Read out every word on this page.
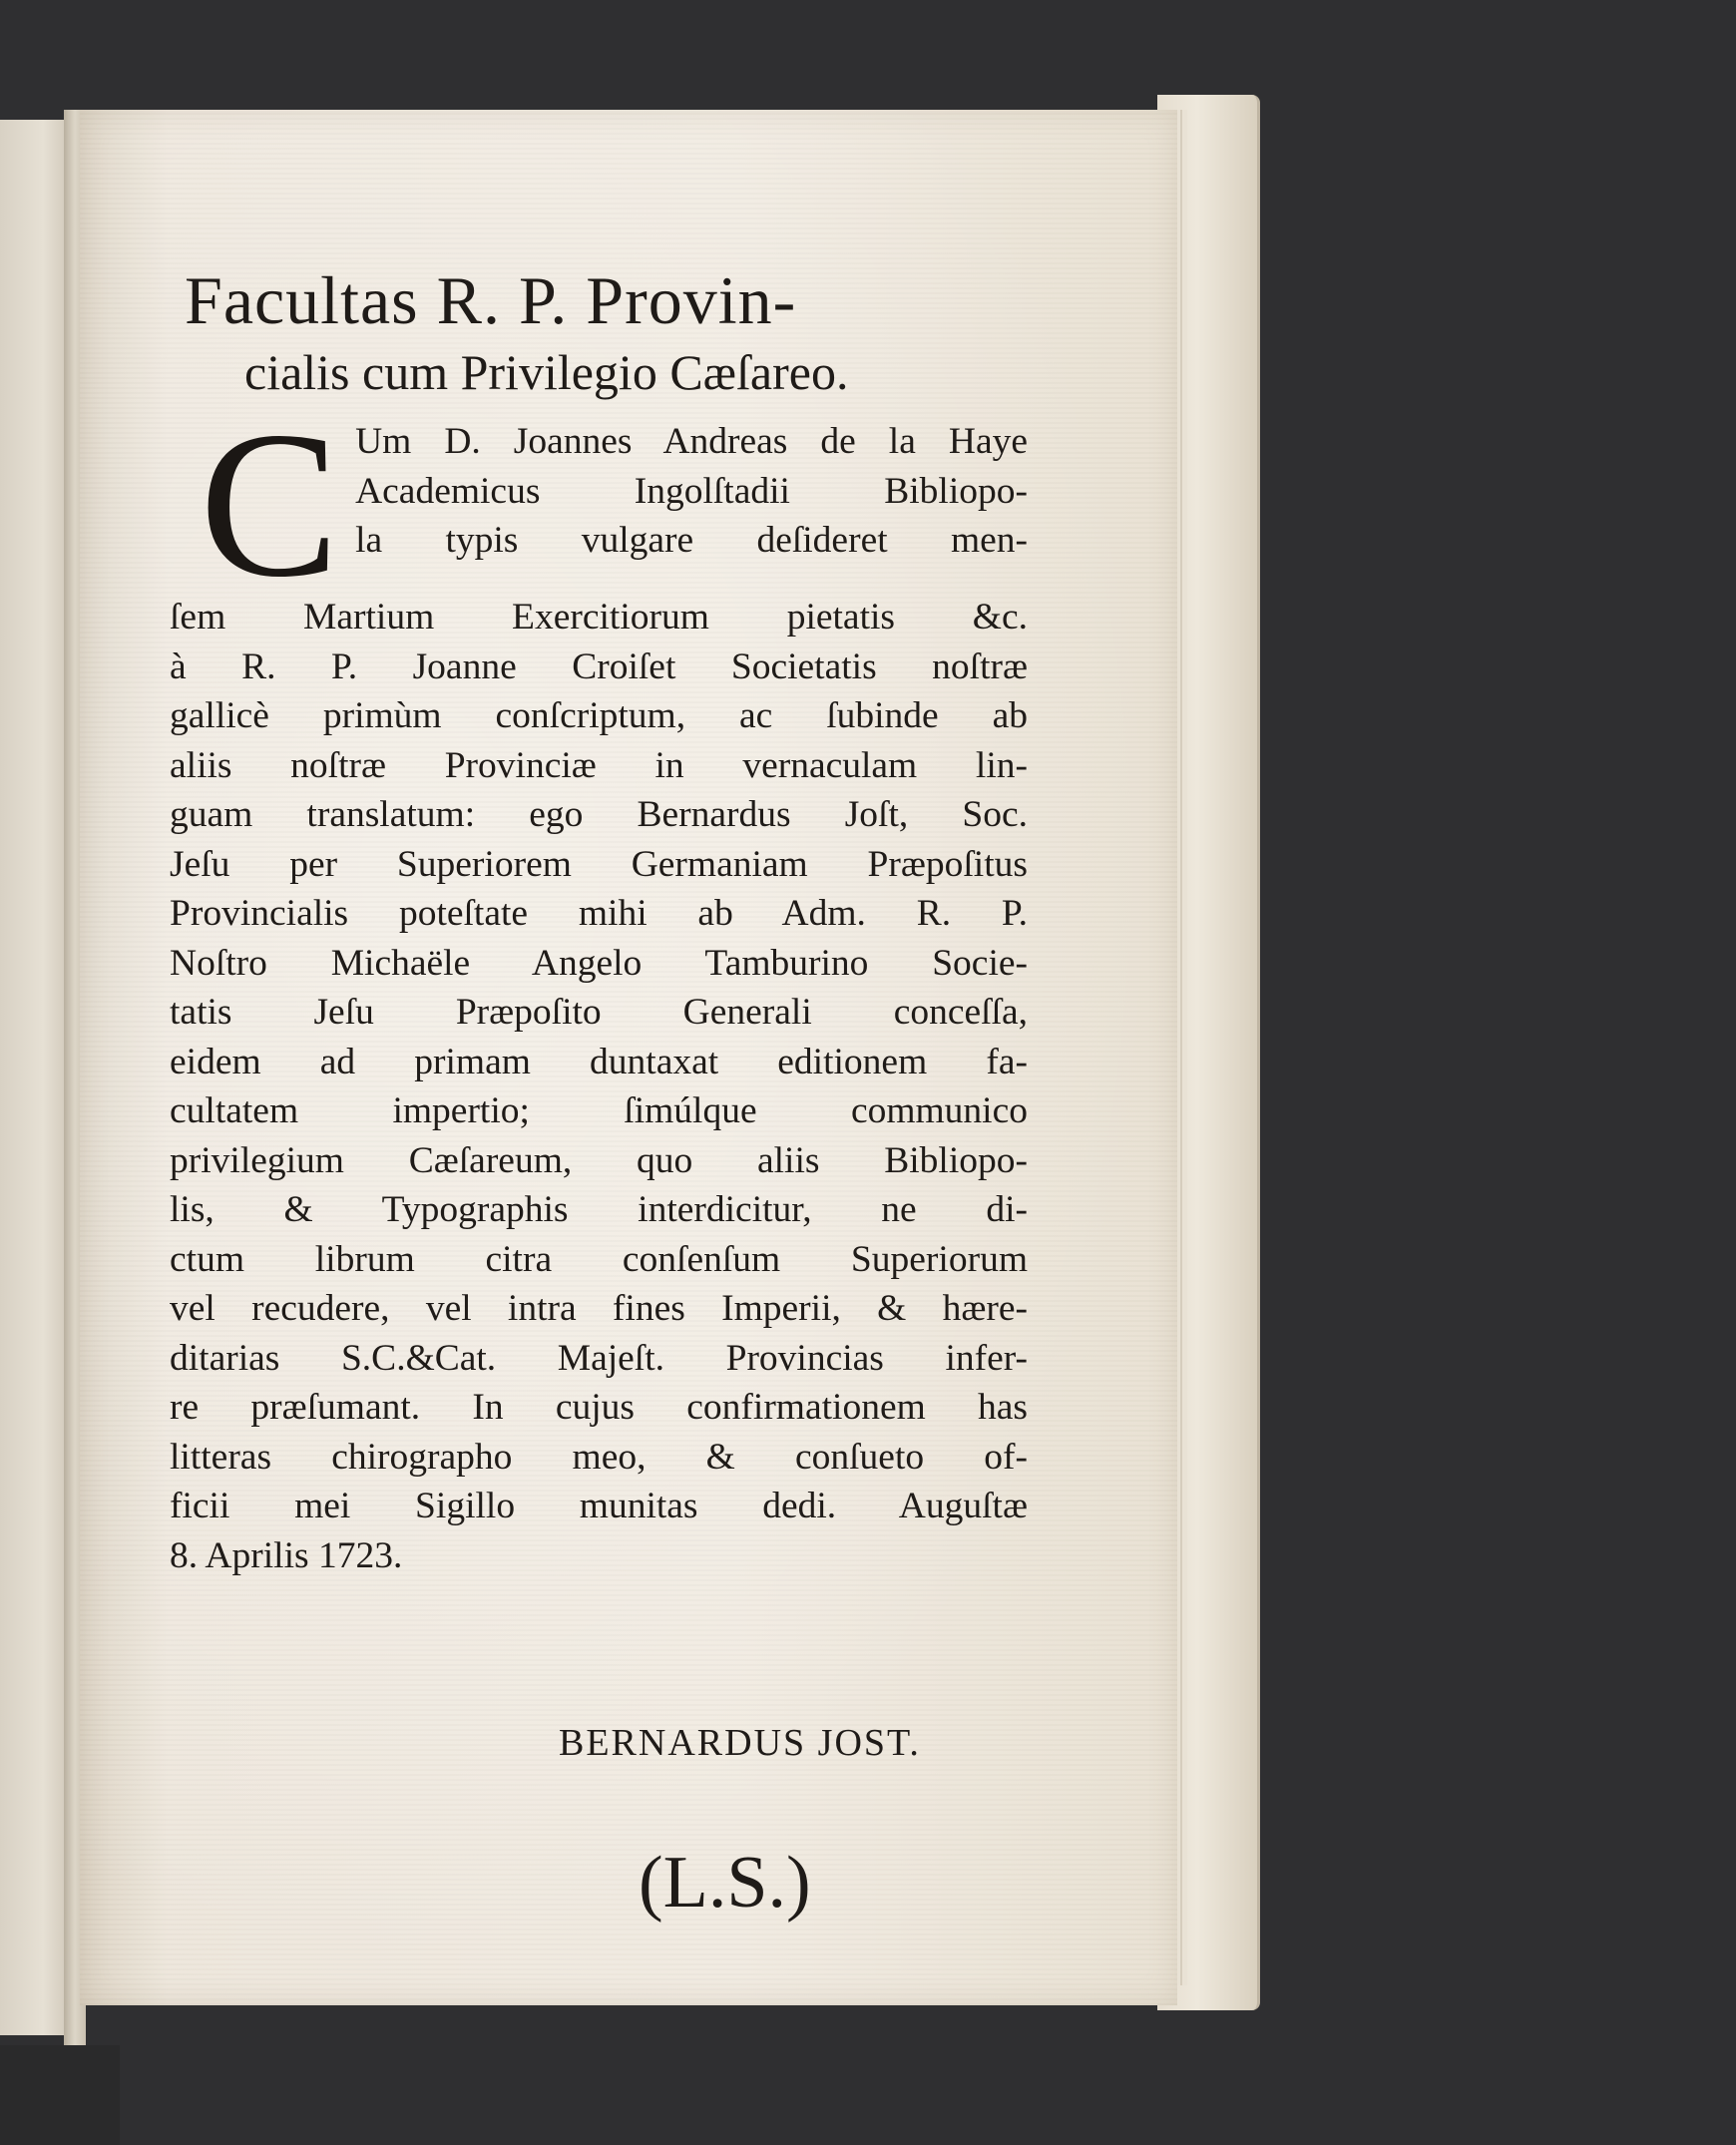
Facultas R. P. Provin-
cialis cum Privilegio Cæſareo.
C Um D. Joannes Andreas de la Haye
Academicus Ingolſtadii Bibliopo-
la typis vulgare deſideret men-
ſem Martium Exercitiorum pietatis &c.
à R. P. Joanne Croiſet Societatis noſtræ
gallicè primùm conſcriptum, ac ſubinde ab
aliis noſtræ Provinciæ in vernaculam lin-
guam translatum: ego Bernardus Joſt, Soc.
Jeſu per Superiorem Germaniam Præpoſitus
Provincialis poteſtate mihi ab Adm. R. P.
Noſtro Michaële Angelo Tamburino Socie-
tatis Jeſu Præpoſito Generali conceſſa,
eidem ad primam duntaxat editionem fa-
cultatem impertio; ſimúlque communico
privilegium Cæſareum, quo aliis Bibliopo-
lis, & Typographis interdicitur, ne di-
ctum librum citra conſenſum Superiorum
vel recudere, vel intra fines Imperii, & hære-
ditarias S.C.&Cat. Majeſt. Provincias infer-
re præſumant. In cujus confirmationem has
litteras chirographo meo, & conſueto of-
ficii mei Sigillo munitas dedi. Auguſtæ
8. Aprilis 1723.
BERNARDUS JOST.
(L.S.)
